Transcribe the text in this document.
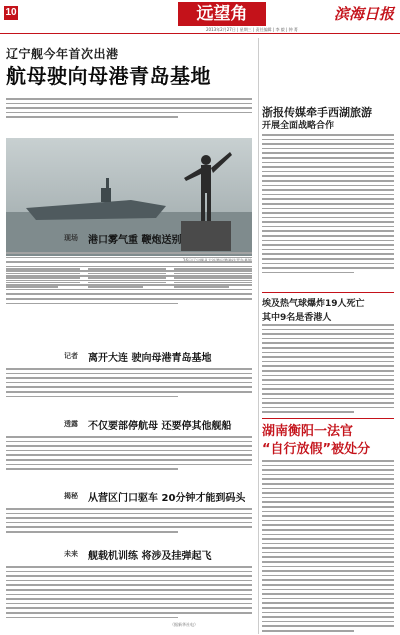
10	远望角	滨海日报
2013年2月27日 | 星期三 | 责任编辑 | 李 毅 | 钟 菁
辽宁舰今年首次出港
航母驶向母港青岛基地
现场 港口雾气重 鞭炮送别
记者 离开大连 驶向母港青岛基地
透露 不仅要部停航母 还要停其他舰船
揭秘 从营区门口驱车 20分钟才能到码头
未来 舰载机训练 将涉及挂弹起飞
浙报传媒牵手西湖旅游
开展全面战略合作
埃及热气球爆炸19人死亡
其中9名是香港人
湖南衡阳一法官
“自行放假”被处分
（据新华社电）
